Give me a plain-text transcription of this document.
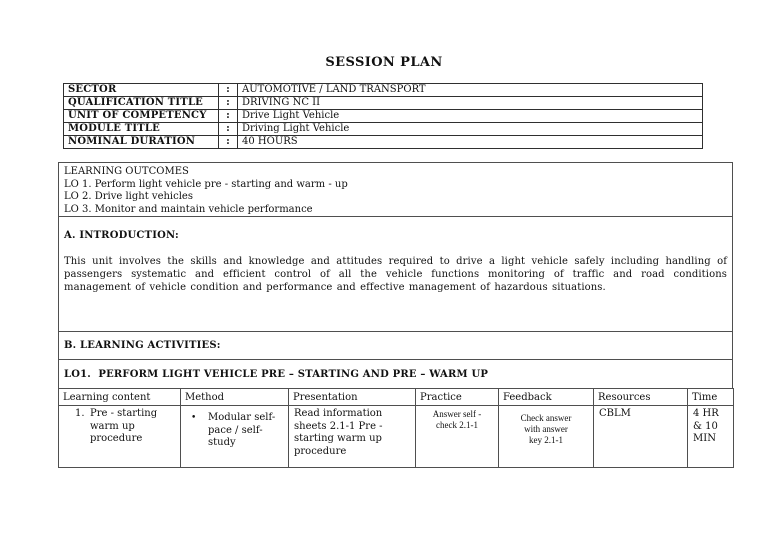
SESSION PLAN
SECTOR	:	AUTOMOTIVE / LAND TRANSPORT
QUALIFICATION TITLE	:	DRIVING NC II
UNIT OF COMPETENCY	:	Drive Light Vehicle
MODULE TITLE	:	Driving Light Vehicle
NOMINAL DURATION	:	40 HOURS
LEARNING OUTCOMES
LO 1. Perform light vehicle pre - starting and warm - up
LO 2. Drive light vehicles
LO 3. Monitor and maintain vehicle performance
A. INTRODUCTION:
This unit involves the skills and knowledge and attitudes required to drive a light vehicle safely including handling of passengers systematic and efficient control of all the vehicle functions monitoring of traffic and road conditions management of vehicle condition and performance and effective management of hazardous situations.
B. LEARNING ACTIVITIES:
LO1.  PERFORM LIGHT VEHICLE PRE – STARTING AND PRE – WARM UP
Learning content	Method	Presentation	Practice	Feedback	Resources	Time

1. Pre - starting warm up procedure	• Modular self-pace / self-study	Read information sheets 2.1-1 Pre - starting warm up procedure	Answer self - check 2.1-1	Check answer with answer key 2.1-1	CBLM	4 HR & 10 MIN
